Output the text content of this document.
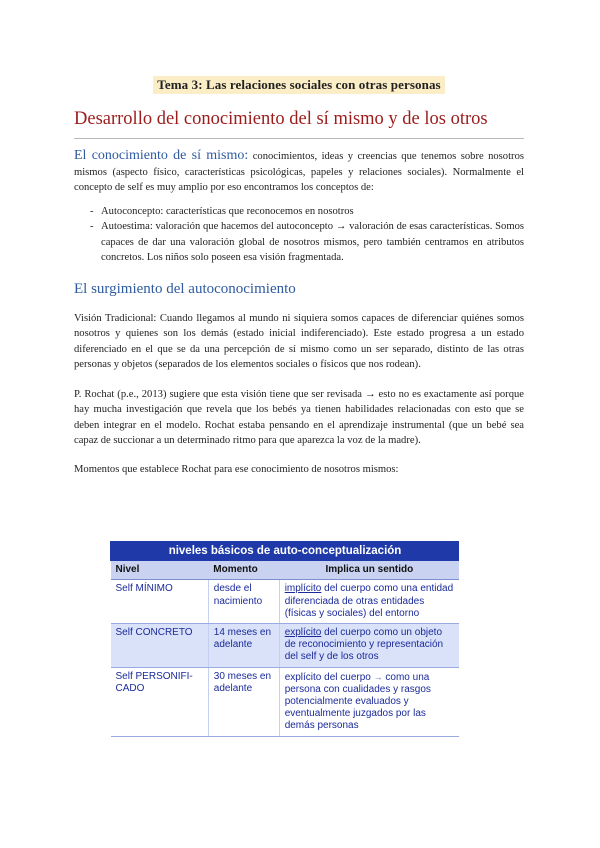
Tema 3: Las relaciones sociales con otras personas
Desarrollo del conocimiento del sí mismo y de los otros

El conocimiento de sí mismo: conocimientos, ideas y creencias que tenemos sobre nosotros mismos (aspecto físico, características psicológicas, papeles y relaciones sociales). Normalmente el concepto de self es muy amplio por eso encontramos los conceptos de:

- Autoconcepto: características que reconocemos en nosotros
- Autoestima: valoración que hacemos del autoconcepto → valoración de esas características. Somos capaces de dar una valoración global de nosotros mismos, pero también centramos en atributos concretos. Los niños solo poseen esa visión fragmentada.
El surgimiento del autoconocimiento

Visión Tradicional: Cuando llegamos al mundo ni siquiera somos capaces de diferenciar quiénes somos nosotros y quienes son los demás (estado inicial indiferenciado). Este estado progresa a un estado diferenciado en el que se da una percepción de sí mismo como un ser separado, distinto de las otras personas y objetos (separados de los elementos sociales o físicos que nos rodean).

P. Rochat (p.e., 2013) sugiere que esta visión tiene que ser revisada → esto no es exactamente así porque hay mucha investigación que revela que los bebés ya tienen habilidades relacionadas con esto que se deben integrar en el modelo. Rochat estaba pensando en el aprendizaje instrumental (que un bebé sea capaz de succionar a un determinado ritmo para que aparezca la voz de la madre).

Momentos que establece Rochat para ese conocimiento de nosotros mismos:

niveles básicos de auto-conceptualización		
Nivel	Momento	Implica un sentido
Self MÍNIMO	desde el nacimiento	implícito del cuerpo como una entidad diferenciada de otras entidades (físicas y sociales) del entorno
Self CONCRETO	14 meses en adelante	explícito del cuerpo como un objeto de reconocimiento y representación del self y de los otros
Self PERSONIFI-CADO	30 meses en adelante	explícito del cuerpo → como una persona con cualidades y rasgos potencialmente evaluados y eventualmente juzgados por las demás personas
